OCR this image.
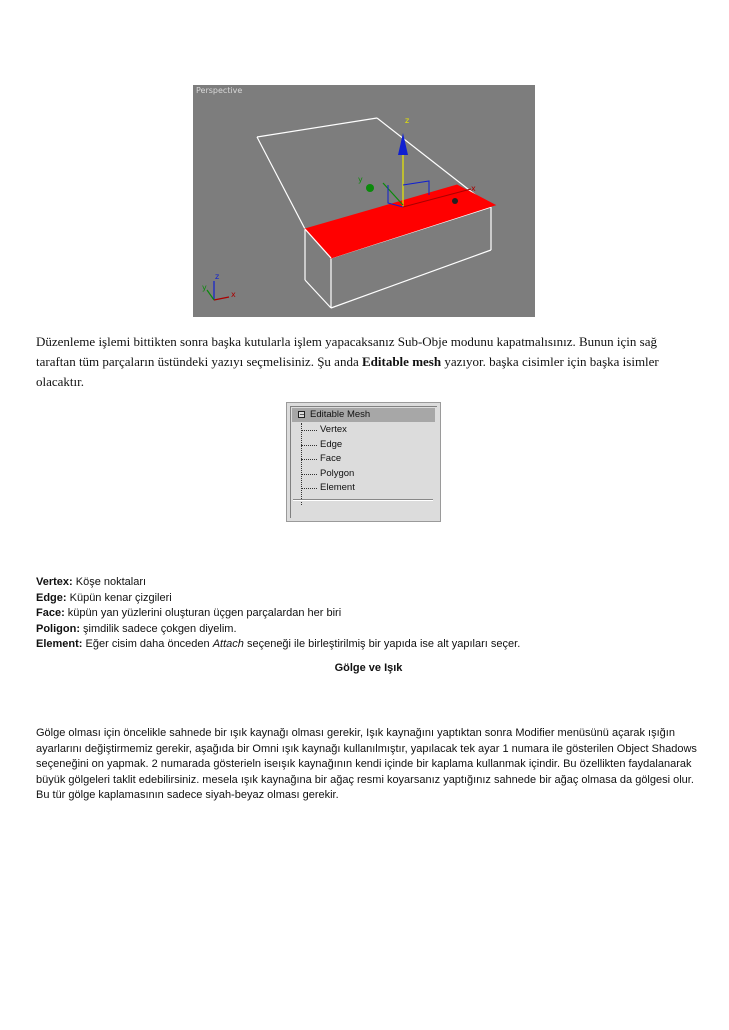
z
y
x
z
x
y
Perspective
Düzenleme işlemi bittikten sonra başka kutularla işlem yapacaksanız Sub-Obje modunu kapatmalısınız. Bunun için sağ taraftan tüm parçaların üstündeki yazıyı seçmelisiniz. Şu anda Editable mesh yazıyor. başka cisimler için başka isimler olacaktır.
− Editable Mesh
Vertex
Edge
Face
Polygon
Element
Vertex: Köşe noktaları
Edge: Küpün kenar çizgileri
Face: küpün yan yüzlerini oluşturan üçgen parçalardan her biri
Poligon: şimdilik sadece çokgen diyelim.
Element: Eğer cisim daha önceden Attach seçeneği ile birleştirilmiş bir yapıda ise alt yapıları seçer.
Gölge ve Işık
Gölge olması için öncelikle sahnede bir ışık kaynağı olması gerekir, Işık kaynağını yaptıktan sonra Modifier menüsünü açarak ışığın ayarlarını değiştirmemiz gerekir, aşağıda bir Omni ışık kaynağı kullanılmıştır, yapılacak tek ayar 1 numara ile gösterilen Object Shadows seçeneğini on yapmak. 2 numarada gösterieln iseışık kaynağının kendi içinde bir kaplama kullanmak içindir. Bu özellikten faydalanarak büyük gölgeleri taklit edebilirsiniz. mesela ışık kaynağına bir ağaç resmi koyarsanız yaptığınız sahnede bir ağaç olmasa da gölgesi olur. Bu tür gölge kaplamasının sadece siyah-beyaz olması gerekir.
